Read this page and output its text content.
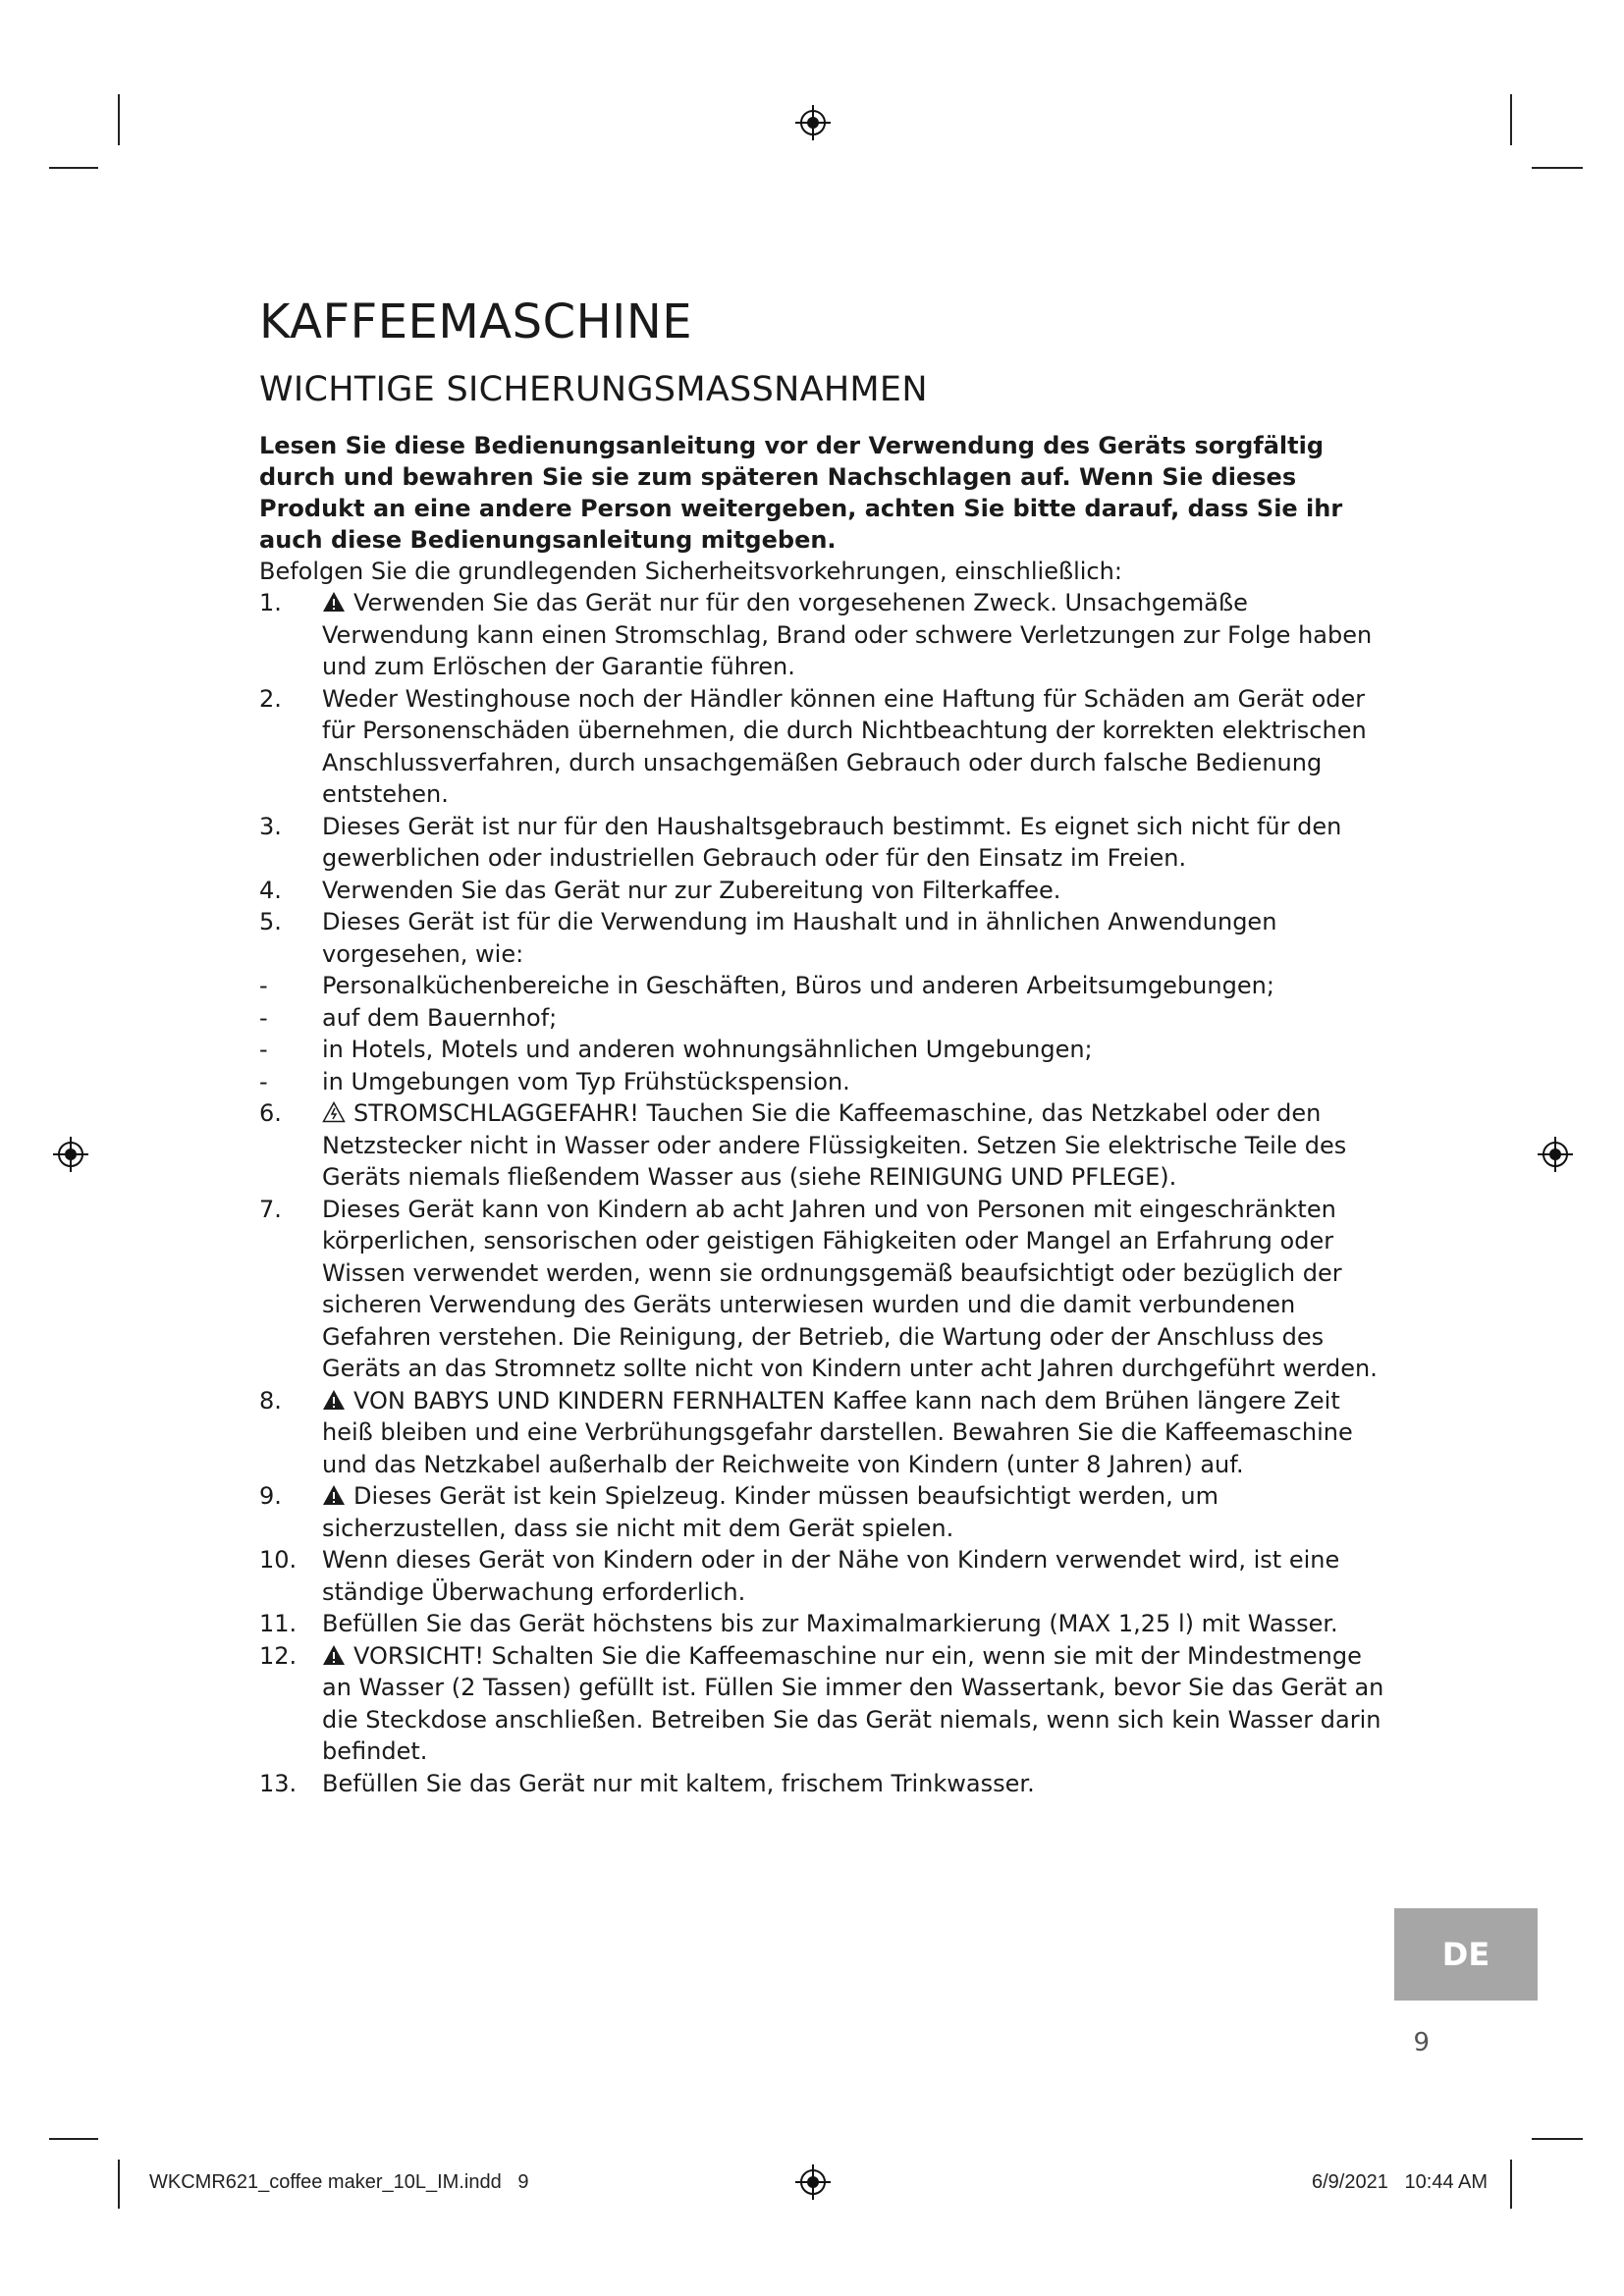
KAFFEEMASCHINE
WICHTIGE SICHERUNGSMASSNAHMEN

Lesen Sie diese Bedienungsanleitung vor der Verwendung des Geräts sorgfältig durch und bewahren Sie sie zum späteren Nachschlagen auf. Wenn Sie dieses Produkt an eine andere Person weitergeben, achten Sie bitte darauf, dass Sie ihr auch diese Bedienungsanleitung mitgeben.

Befolgen Sie die grundlegenden Sicherheitsvorkehrungen, einschließlich:

1.	Verwenden Sie das Gerät nur für den vorgesehenen Zweck. Unsachgemäße Verwendung kann einen Stromschlag, Brand oder schwere Verletzungen zur Folge haben und zum Erlöschen der Garantie führen.
2.	Weder Westinghouse noch der Händler können eine Haftung für Schäden am Gerät oder für Personenschäden übernehmen, die durch Nichtbeachtung der korrekten elektrischen Anschlussverfahren, durch unsachgemäßen Gebrauch oder durch falsche Bedienung entstehen.
3.	Dieses Gerät ist nur für den Haushaltsgebrauch bestimmt. Es eignet sich nicht für den gewerblichen oder industriellen Gebrauch oder für den Einsatz im Freien.
4.	Verwenden Sie das Gerät nur zur Zubereitung von Filterkaffee.
5.	Dieses Gerät ist für die Verwendung im Haushalt und in ähnlichen Anwendungen vorgesehen, wie:
- Personalküchenbereiche in Geschäften, Büros und anderen Arbeitsumgebungen;
- auf dem Bauernhof;
- in Hotels, Motels und anderen wohnungsähnlichen Umgebungen;
- in Umgebungen vom Typ Frühstückspension.
6.	STROMSCHLAGGEFAHR! Tauchen Sie die Kaffeemaschine, das Netzkabel oder den Netzstecker nicht in Wasser oder andere Flüssigkeiten. Setzen Sie elektrische Teile des Geräts niemals fließendem Wasser aus (siehe REINIGUNG UND PFLEGE).
7.	Dieses Gerät kann von Kindern ab acht Jahren und von Personen mit eingeschränkten körperlichen, sensorischen oder geistigen Fähigkeiten oder Mangel an Erfahrung oder Wissen verwendet werden, wenn sie ordnungsgemäß beaufsichtigt oder bezüglich der sicheren Verwendung des Geräts unterwiesen wurden und die damit verbundenen Gefahren verstehen. Die Reinigung, der Betrieb, die Wartung oder der Anschluss des Geräts an das Stromnetz sollte nicht von Kindern unter acht Jahren durchgeführt werden.
8.	VON BABYS UND KINDERN FERNHALTEN Kaffee kann nach dem Brühen längere Zeit heiß bleiben und eine Verbrühungsgefahr darstellen. Bewahren Sie die Kaffeemaschine und das Netzkabel außerhalb der Reichweite von Kindern (unter 8 Jahren) auf.
9.	Dieses Gerät ist kein Spielzeug. Kinder müssen beaufsichtigt werden, um sicherzustellen, dass sie nicht mit dem Gerät spielen.
10.	Wenn dieses Gerät von Kindern oder in der Nähe von Kindern verwendet wird, ist eine ständige Überwachung erforderlich.
11.	Befüllen Sie das Gerät höchstens bis zur Maximalmarkierung (MAX 1,25 l) mit Wasser.
12.	VORSICHT! Schalten Sie die Kaffeemaschine nur ein, wenn sie mit der Mindestmenge an Wasser (2 Tassen) gefüllt ist. Füllen Sie immer den Wassertank, bevor Sie das Gerät an die Steckdose anschließen. Betreiben Sie das Gerät niemals, wenn sich kein Wasser darin befindet.
13.	Befüllen Sie das Gerät nur mit kaltem, frischem Trinkwasser.
DE
9
WKCMR621_coffee maker_10L_IM.indd   9	6/9/2021   10:44 AM
